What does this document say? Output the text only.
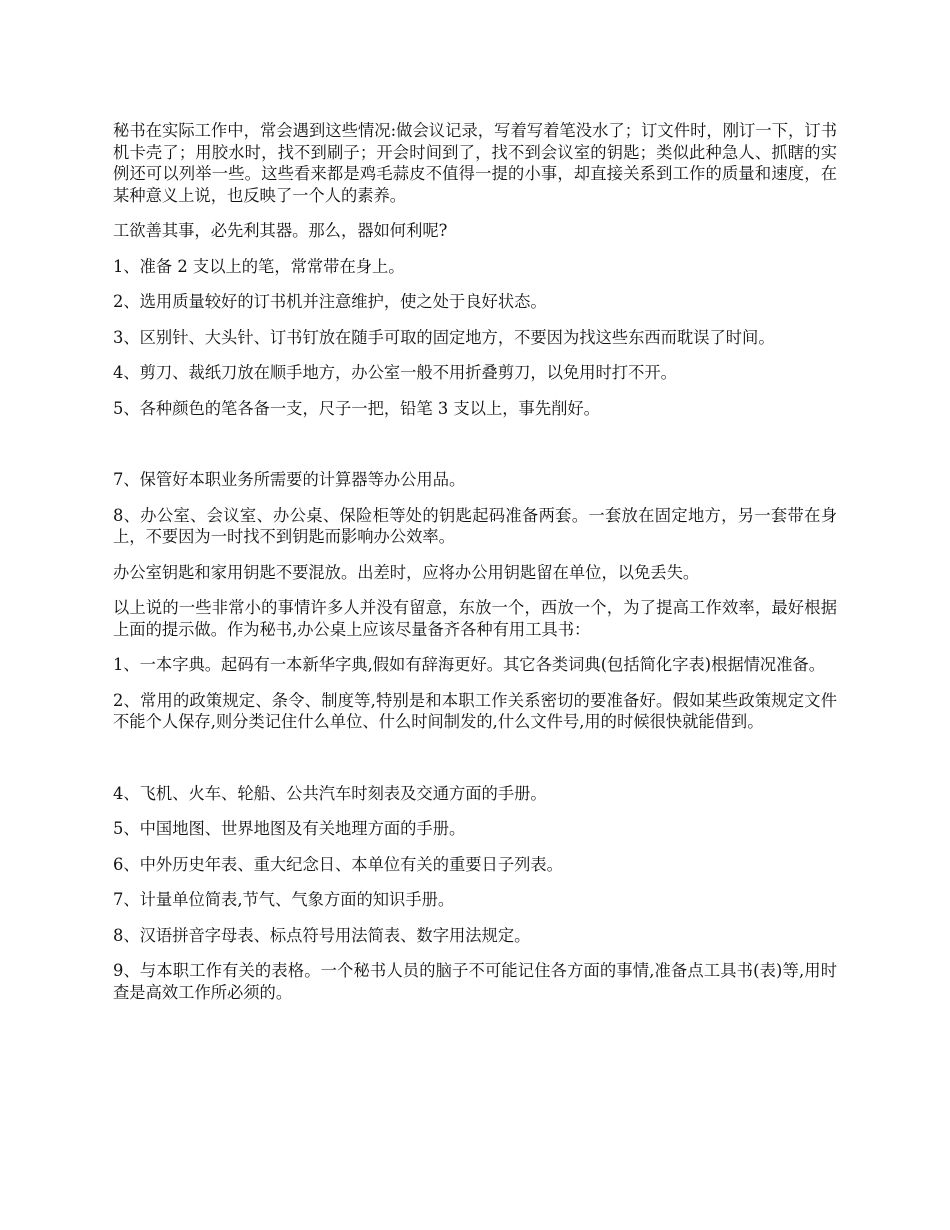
秘书在实际工作中，常会遇到这些情况:做会议记录，写着写着笔没水了；订文件时，刚订一下，订书机卡壳了；用胶水时，找不到刷子；开会时间到了，找不到会议室的钥匙；类似此种急人、抓瞎的实例还可以列举一些。这些看来都是鸡毛蒜皮不值得一提的小事，却直接关系到工作的质量和速度，在某种意义上说，也反映了一个人的素养。

工欲善其事，必先利其器。那么，器如何利呢?

1、准备 2 支以上的笔，常常带在身上。

2、选用质量较好的订书机并注意维护，使之处于良好状态。

3、区别针、大头针、订书钉放在随手可取的固定地方，不要因为找这些东西而耽误了时间。

4、剪刀、裁纸刀放在顺手地方，办公室一般不用折叠剪刀，以免用时打不开。

5、各种颜色的笔各备一支，尺子一把，铅笔 3 支以上，事先削好。

7、保管好本职业务所需要的计算器等办公用品。

8、办公室、会议室、办公桌、保险柜等处的钥匙起码准备两套。一套放在固定地方，另一套带在身上，不要因为一时找不到钥匙而影响办公效率。

办公室钥匙和家用钥匙不要混放。出差时，应将办公用钥匙留在单位，以免丢失。

以上说的一些非常小的事情许多人并没有留意，东放一个，西放一个，为了提高工作效率，最好根据上面的提示做。作为秘书,办公桌上应该尽量备齐各种有用工具书：

1、一本字典。起码有一本新华字典,假如有辞海更好。其它各类词典(包括简化字表)根据情况准备。

2、常用的政策规定、条令、制度等,特别是和本职工作关系密切的要准备好。假如某些政策规定文件不能个人保存,则分类记住什么单位、什么时间制发的,什么文件号,用的时候很快就能借到。

4、飞机、火车、轮船、公共汽车时刻表及交通方面的手册。

5、中国地图、世界地图及有关地理方面的手册。

6、中外历史年表、重大纪念日、本单位有关的重要日子列表。

7、计量单位简表,节气、气象方面的知识手册。

8、汉语拼音字母表、标点符号用法简表、数字用法规定。

9、与本职工作有关的表格。一个秘书人员的脑子不可能记住各方面的事情,准备点工具书(表)等,用时查是高效工作所必须的。
